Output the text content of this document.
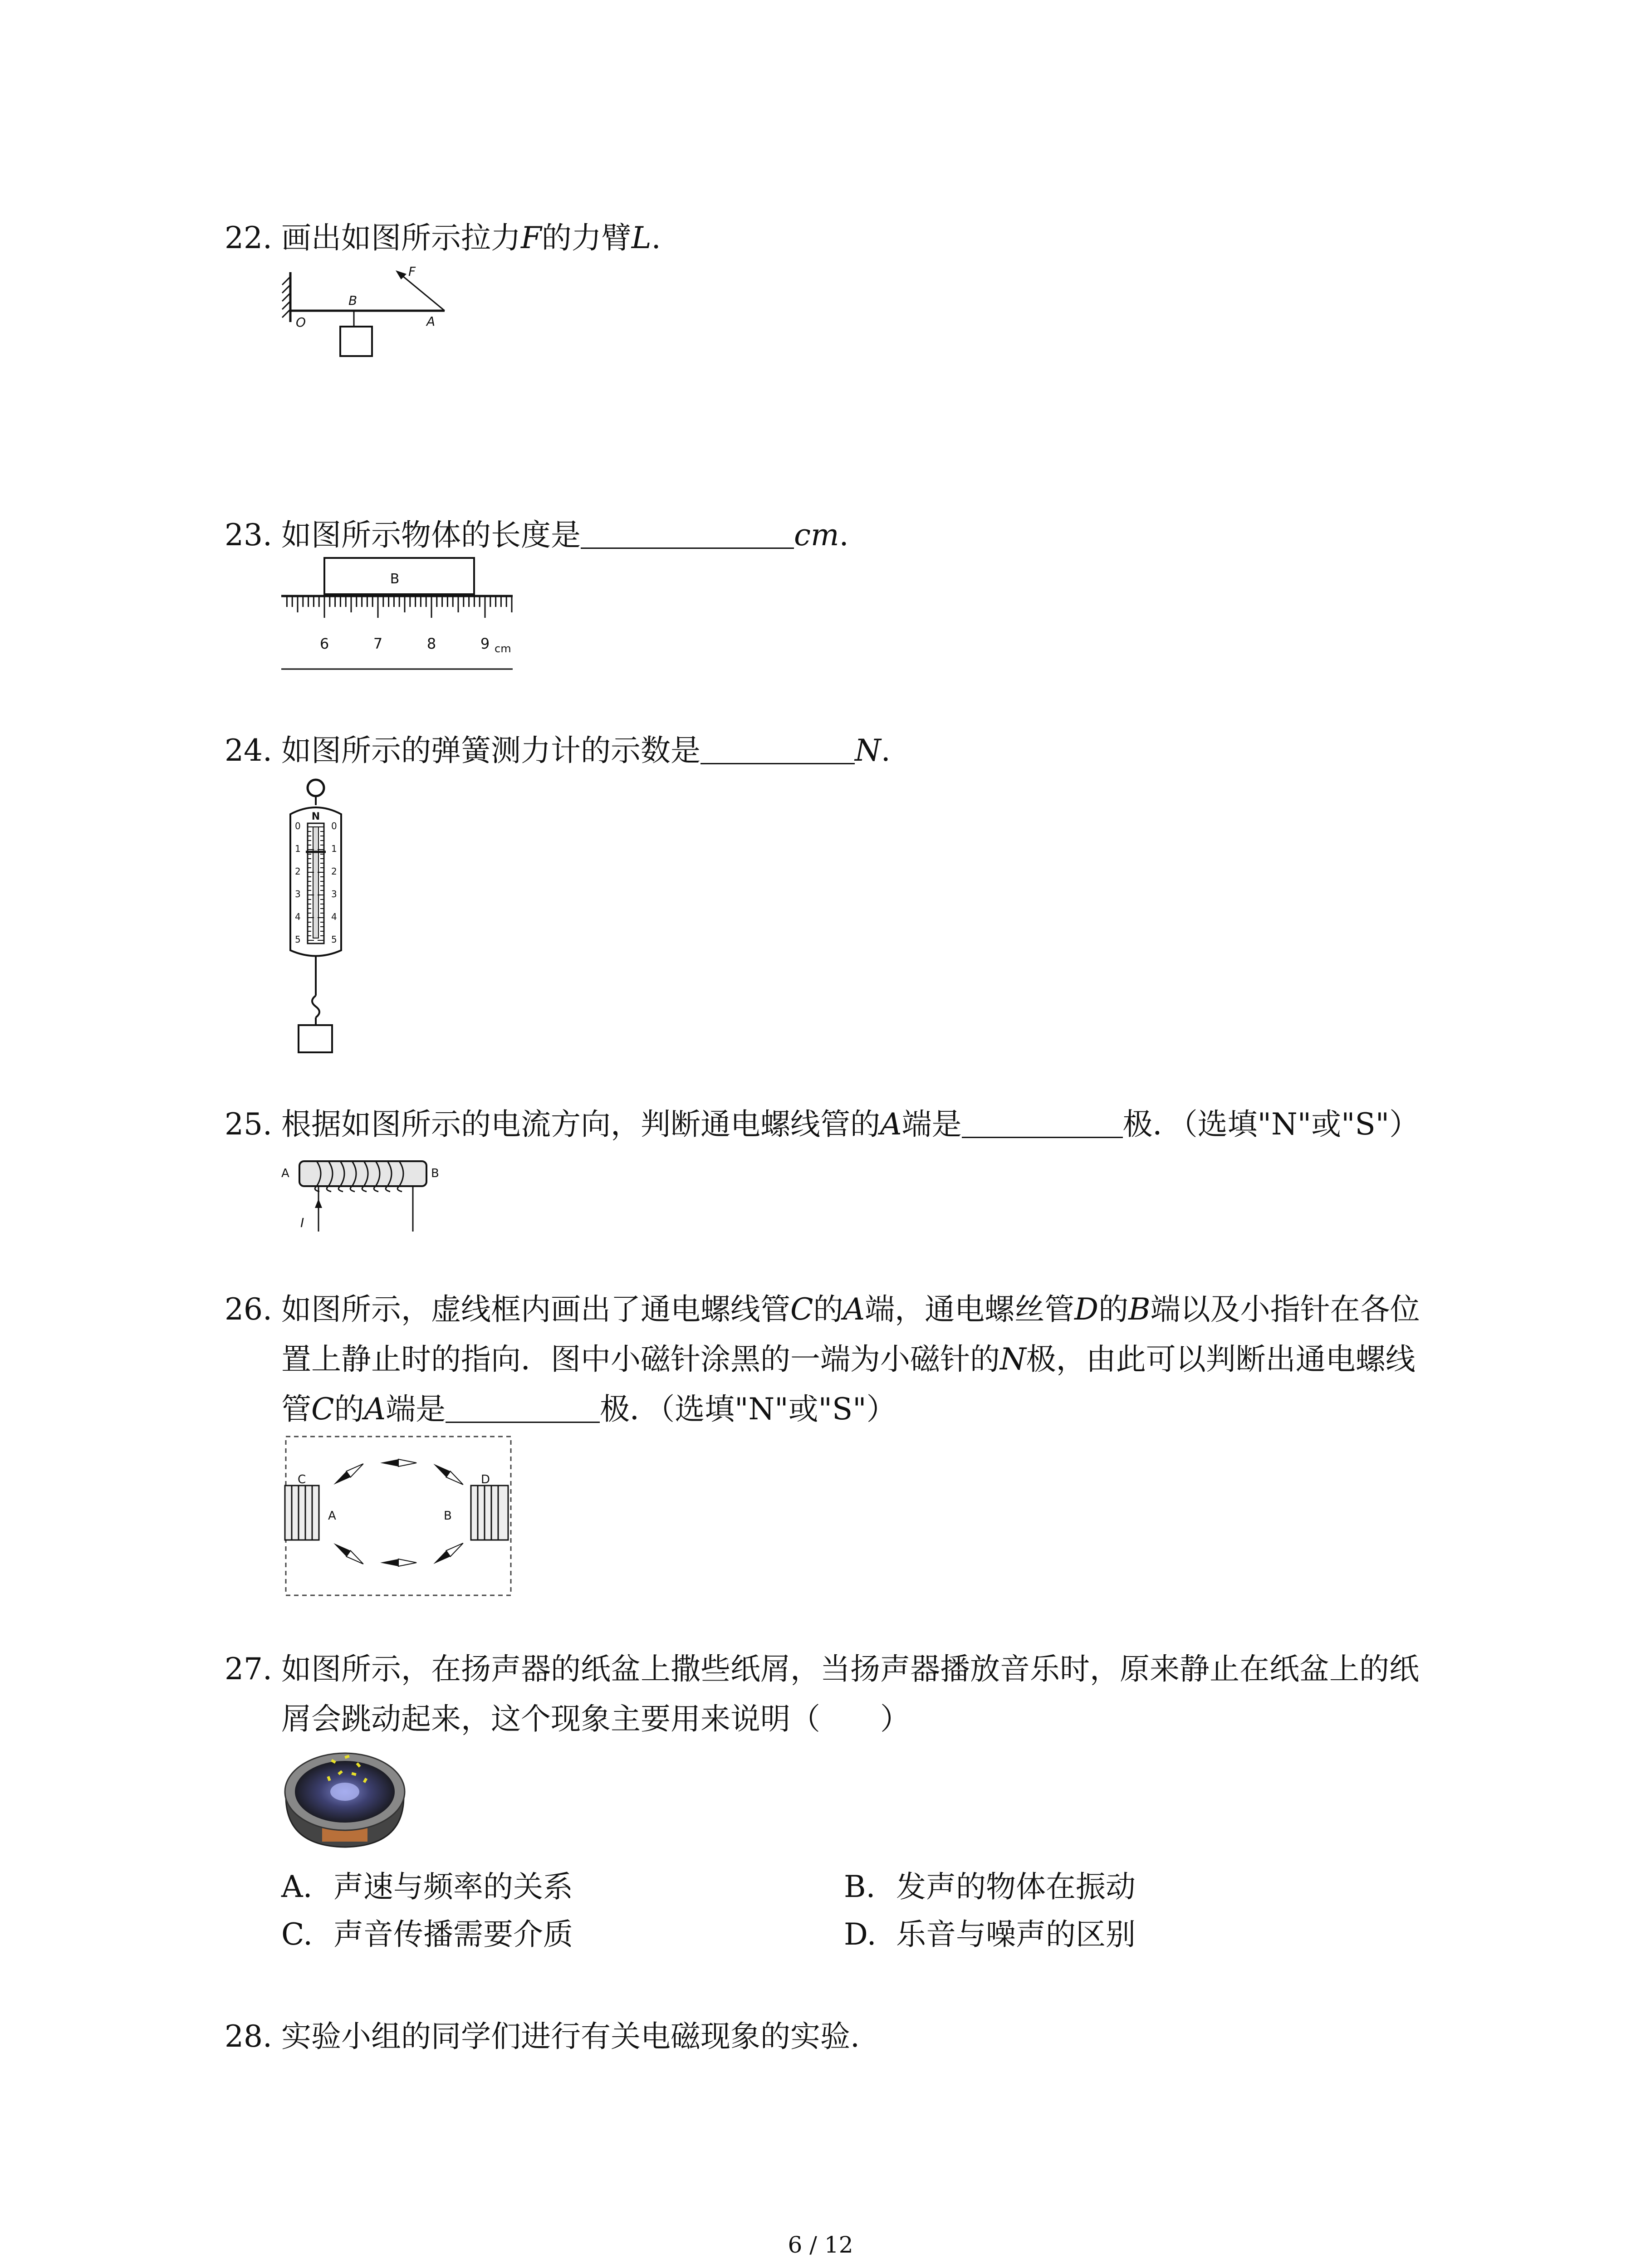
22. 画出如图所示拉力F的力臂L.
O
B
A
F
23. 如图所示物体的长度是	cm.
B
6	7	8	9 cm
24. 如图所示的弹簧测力计的示数是	N.
N
0	0
1	1
2	2
3	3
4	4
5	5
25. 根据如图所示的电流方向，判断通电螺线管的A端是	极．（选填"N"或"S"）
A	B
I
26. 如图所示，虚线框内画出了通电螺线管C的A端，通电螺丝管D的B端以及小指针在各位
置上静止时的指向．图中小磁针涂黑的一端为小磁针的N极，由此可以判断出通电螺线
管C的A端是	极．（选填"N"或"S"）
C
A
D
B
27. 如图所示，在扬声器的纸盆上撒些纸屑，当扬声器播放音乐时，原来静止在纸盆上的纸
屑会跳动起来，这个现象主要用来说明（　　）
A. 声速与频率的关系	B. 发声的物体在振动
C. 声音传播需要介质	D. 乐音与噪声的区别
28. 实验小组的同学们进行有关电磁现象的实验.
6 / 12
